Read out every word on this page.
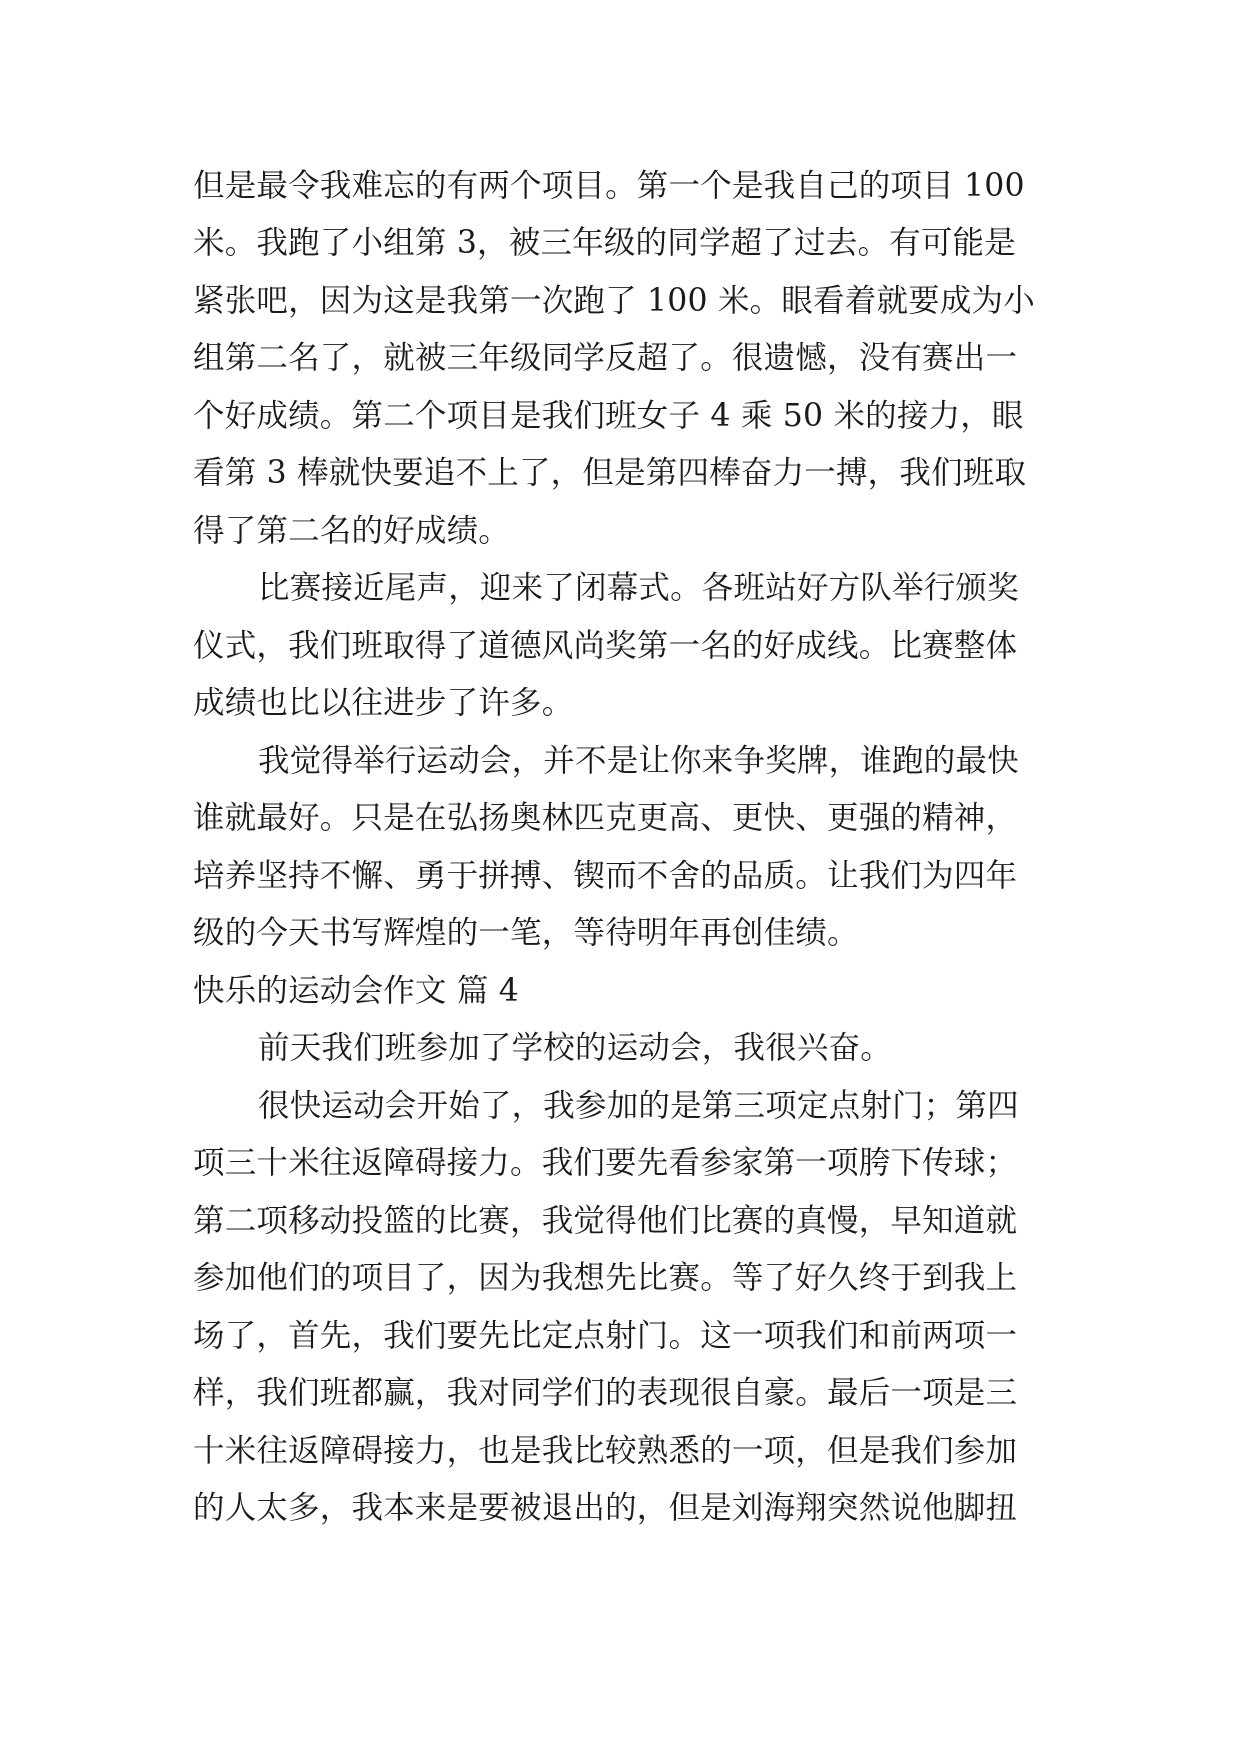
但是最令我难忘的有两个项目。第一个是我自己的项目 100
米。我跑了小组第 3，被三年级的同学超了过去。有可能是
紧张吧，因为这是我第一次跑了 100 米。眼看着就要成为小
组第二名了，就被三年级同学反超了。很遗憾，没有赛出一
个好成绩。第二个项目是我们班女子 4 乘 50 米的接力，眼
看第 3 棒就快要追不上了，但是第四棒奋力一搏，我们班取
得了第二名的好成绩。
比赛接近尾声，迎来了闭幕式。各班站好方队举行颁奖
仪式，我们班取得了道德风尚奖第一名的好成线。比赛整体
成绩也比以往进步了许多。
我觉得举行运动会，并不是让你来争奖牌，谁跑的最快
谁就最好。只是在弘扬奥林匹克更高、更快、更强的精神，
培养坚持不懈、勇于拼搏、锲而不舍的品质。让我们为四年
级的今天书写辉煌的一笔，等待明年再创佳绩。
快乐的运动会作文 篇 4
前天我们班参加了学校的运动会，我很兴奋。
很快运动会开始了，我参加的是第三项定点射门；第四
项三十米往返障碍接力。我们要先看参家第一项胯下传球；
第二项移动投篮的比赛，我觉得他们比赛的真慢，早知道就
参加他们的项目了，因为我想先比赛。等了好久终于到我上
场了，首先，我们要先比定点射门。这一项我们和前两项一
样，我们班都赢，我对同学们的表现很自豪。最后一项是三
十米往返障碍接力，也是我比较熟悉的一项，但是我们参加
的人太多，我本来是要被退出的，但是刘海翔突然说他脚扭
